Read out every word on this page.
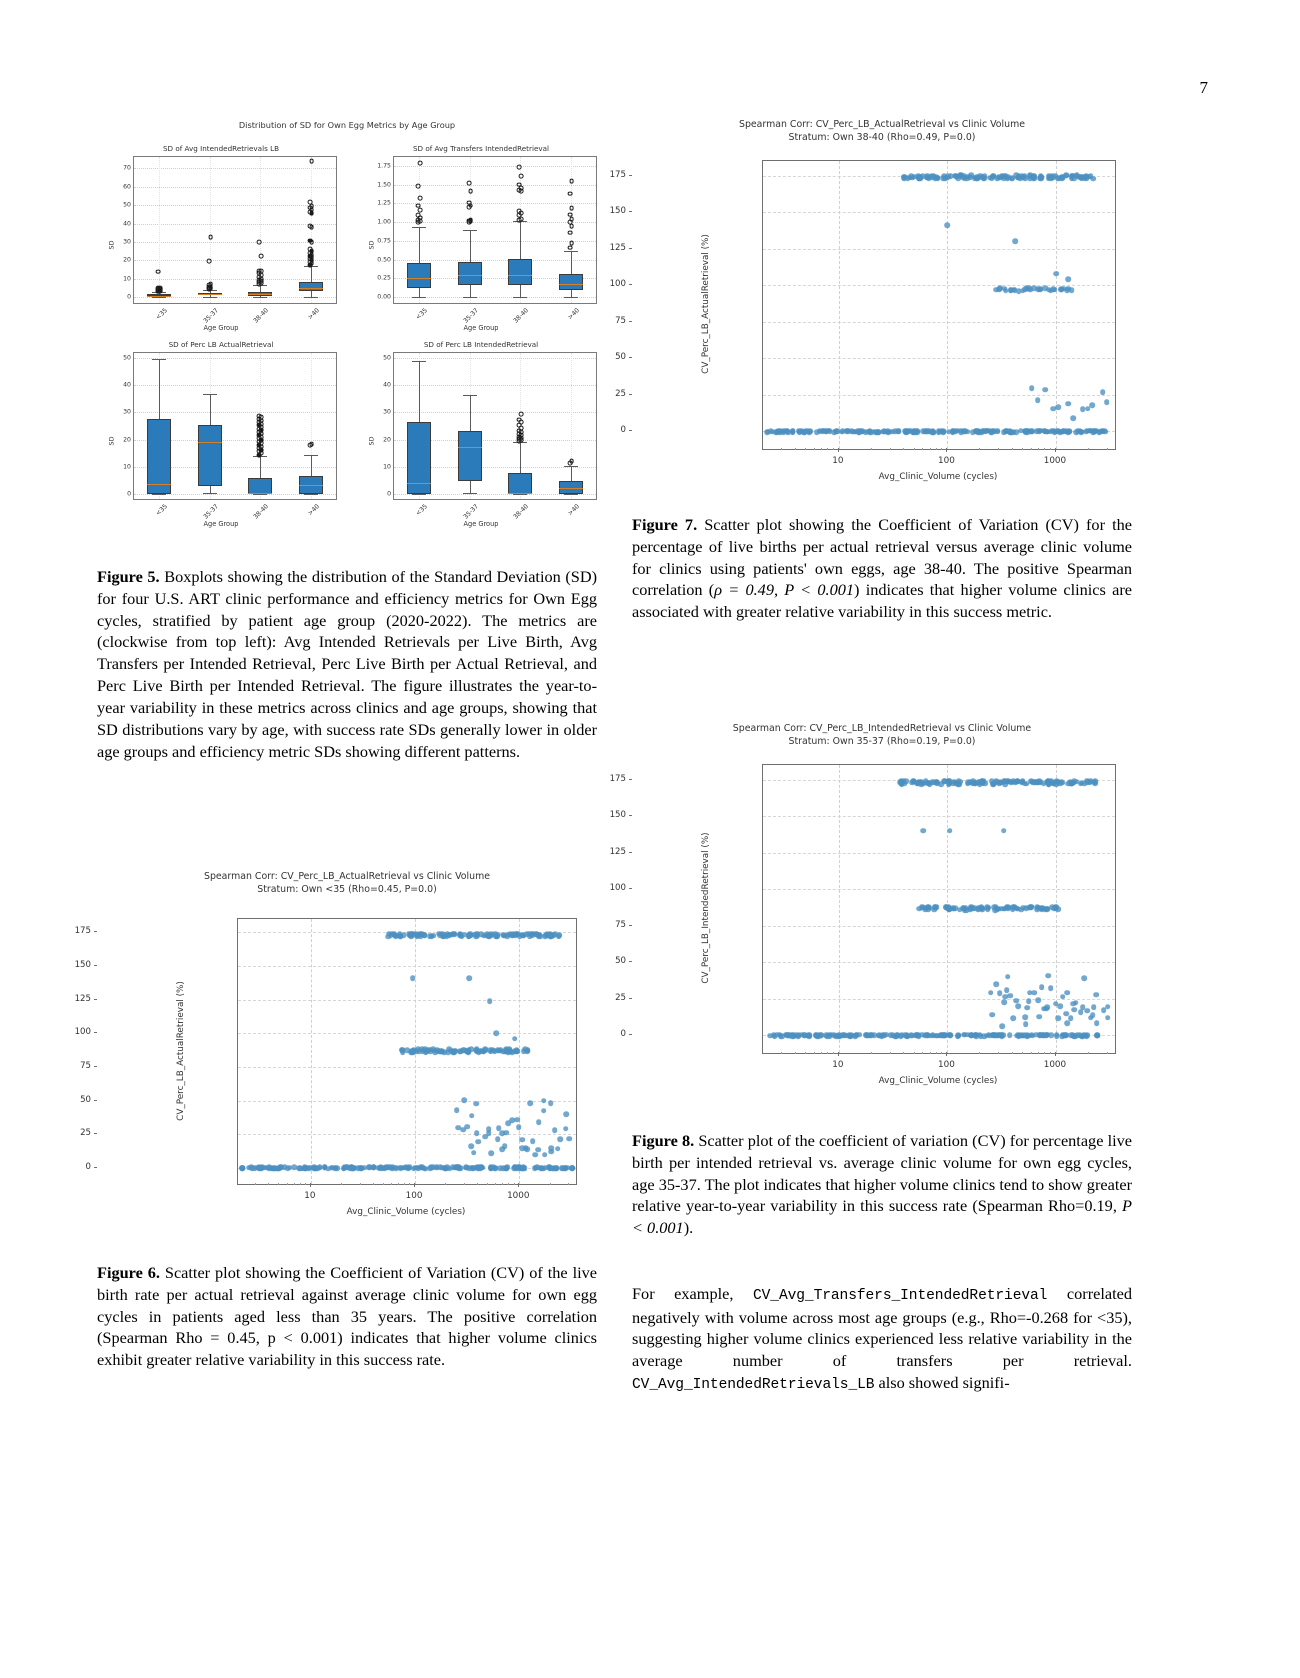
7
Distribution of SD for Own Egg Metrics by Age Group
SD of Avg IntendedRetrievals LB
0
10
20
30
40
50
60
70
<35	35-37	38-40	>40
SD
Age Group
SD of Avg Transfers IntendedRetrieval
0.00
0.25
0.50
0.75
1.00
1.25
1.50
1.75
<35	35-37	38-40	>40
SD
Age Group
SD of Perc LB ActualRetrieval
0
10
20
30
40
50
<35	35-37	38-40	>40
SD
Age Group
SD of Perc LB IntendedRetrieval
0
10
20
30
40
50
<35	35-37	38-40	>40
SD
Age Group

Figure 5. Boxplots showing the distribution of the Standard Deviation (SD) for four U.S. ART clinic performance and efficiency metrics for Own Egg cycles, stratified by patient age group (2020-2022). The metrics are (clockwise from top left): Avg Intended Retrievals per Live Birth, Avg Transfers per Intended Retrieval, Perc Live Birth per Actual Retrieval, and Perc Live Birth per Intended Retrieval. The figure illustrates the year-to-year variability in these metrics across clinics and age groups, showing that SD distributions vary by age, with success rate SDs generally lower in older age groups and efficiency metric SDs showing different patterns.

Spearman Corr: CV_Perc_LB_ActualRetrieval vs Clinic Volume
Stratum: Own <35 (Rho=0.45, P=0.0)
0
25
50
75
100
125
150
175
10	100	1000
Avg_Clinic_Volume (cycles)
CV_Perc_LB_ActualRetrieval (%)

Figure 6. Scatter plot showing the Coefficient of Variation (CV) of the live birth rate per actual retrieval against average clinic volume for own egg cycles in patients aged less than 35 years. The positive correlation (Spearman Rho = 0.45, p < 0.001) indicates that higher volume clinics exhibit greater relative variability in this success rate.

Spearman Corr: CV_Perc_LB_ActualRetrieval vs Clinic Volume
Stratum: Own 38-40 (Rho=0.49, P=0.0)
0
25
50
75
100
125
150
175
10	100	1000
Avg_Clinic_Volume (cycles)
CV_Perc_LB_ActualRetrieval (%)

Figure 7. Scatter plot showing the Coefficient of Variation (CV) for the percentage of live births per actual retrieval versus average clinic volume for clinics using patients' own eggs, age 38-40. The positive Spearman correlation (ρ = 0.49, P < 0.001) indicates that higher volume clinics are associated with greater relative variability in this success metric.

Spearman Corr: CV_Perc_LB_IntendedRetrieval vs Clinic Volume
Stratum: Own 35-37 (Rho=0.19, P=0.0)
0
25
50
75
100
125
150
175
10	100	1000
Avg_Clinic_Volume (cycles)
CV_Perc_LB_IntendedRetrieval (%)

Figure 8. Scatter plot of the coefficient of variation (CV) for percentage live birth per intended retrieval vs. average clinic volume for own egg cycles, age 35-37. The plot indicates that higher volume clinics tend to show greater relative year-to-year variability in this success rate (Spearman Rho=0.19, P < 0.001).

For example, CV_Avg_Transfers_IntendedRetrieval correlated negatively with volume across most age groups (e.g., Rho=-0.268 for <35), suggesting higher volume clinics experienced less relative variability in the average number of transfers per retrieval. CV_Avg_IntendedRetrievals_LB also showed signifi-
